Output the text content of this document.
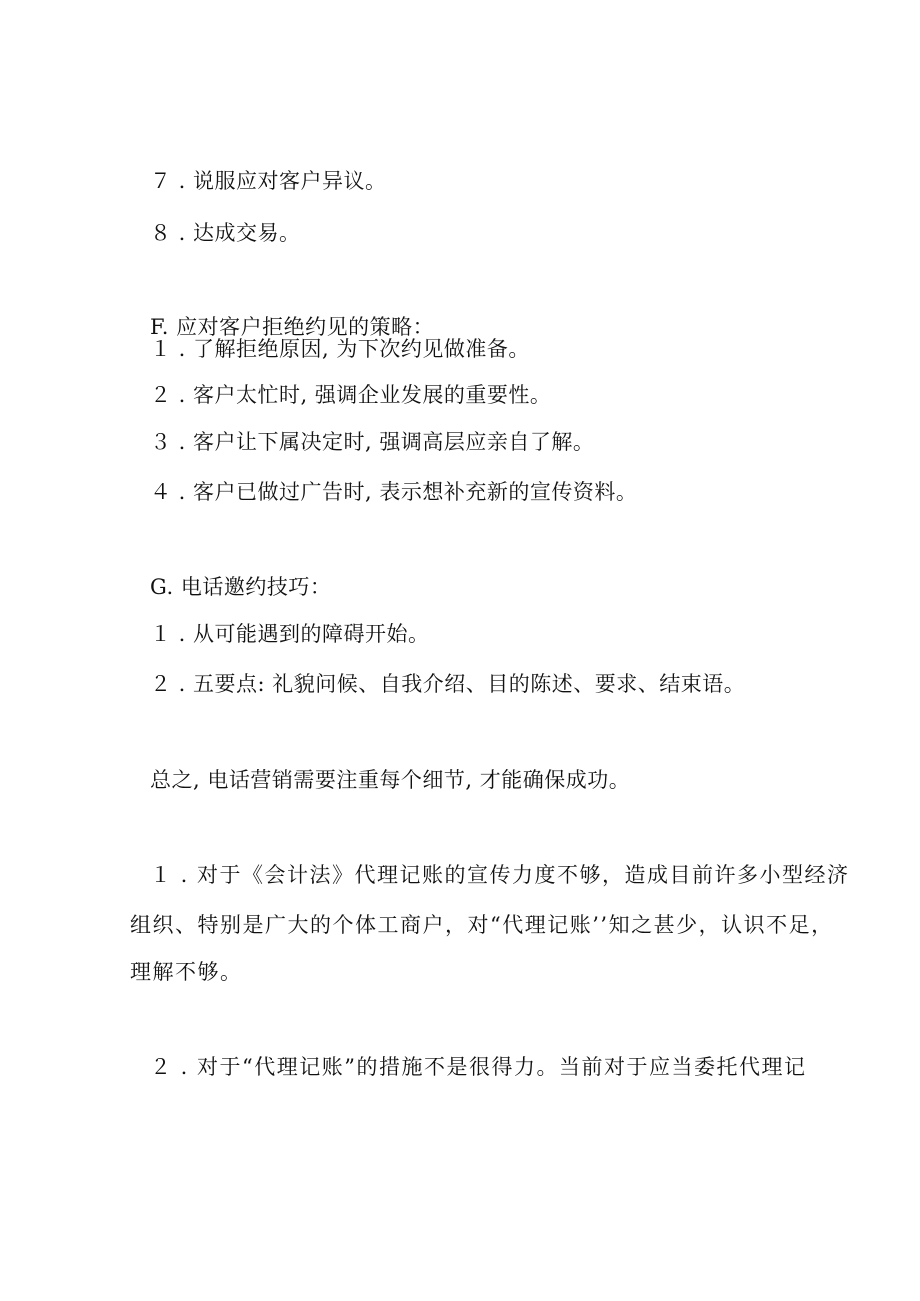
７ . 说服应对客户异议。
８ . 达成交易。
F. 应对客户拒绝约见的策略：
１ . 了解拒绝原因, 为下次约见做准备。
２ . 客户太忙时, 强调企业发展的重要性。
３ . 客户让下属决定时, 强调高层应亲自了解。
４ . 客户已做过广告时, 表示想补充新的宣传资料。
G. 电话邀约技巧：
１ . 从可能遇到的障碍开始。
２ . 五要点: 礼貌问候、自我介绍、目的陈述、要求、结束语。
总之, 电话营销需要注重每个细节, 才能确保成功。
１ . 对于《会计法》代理记账的宣传力度不够，造成目前许多小型经济
组织、特别是广大的个体工商户，对“代理记账’’知之甚少，认识不足，
理解不够。
２ . 对于“代理记账”的措施不是很得力。当前对于应当委托代理记
